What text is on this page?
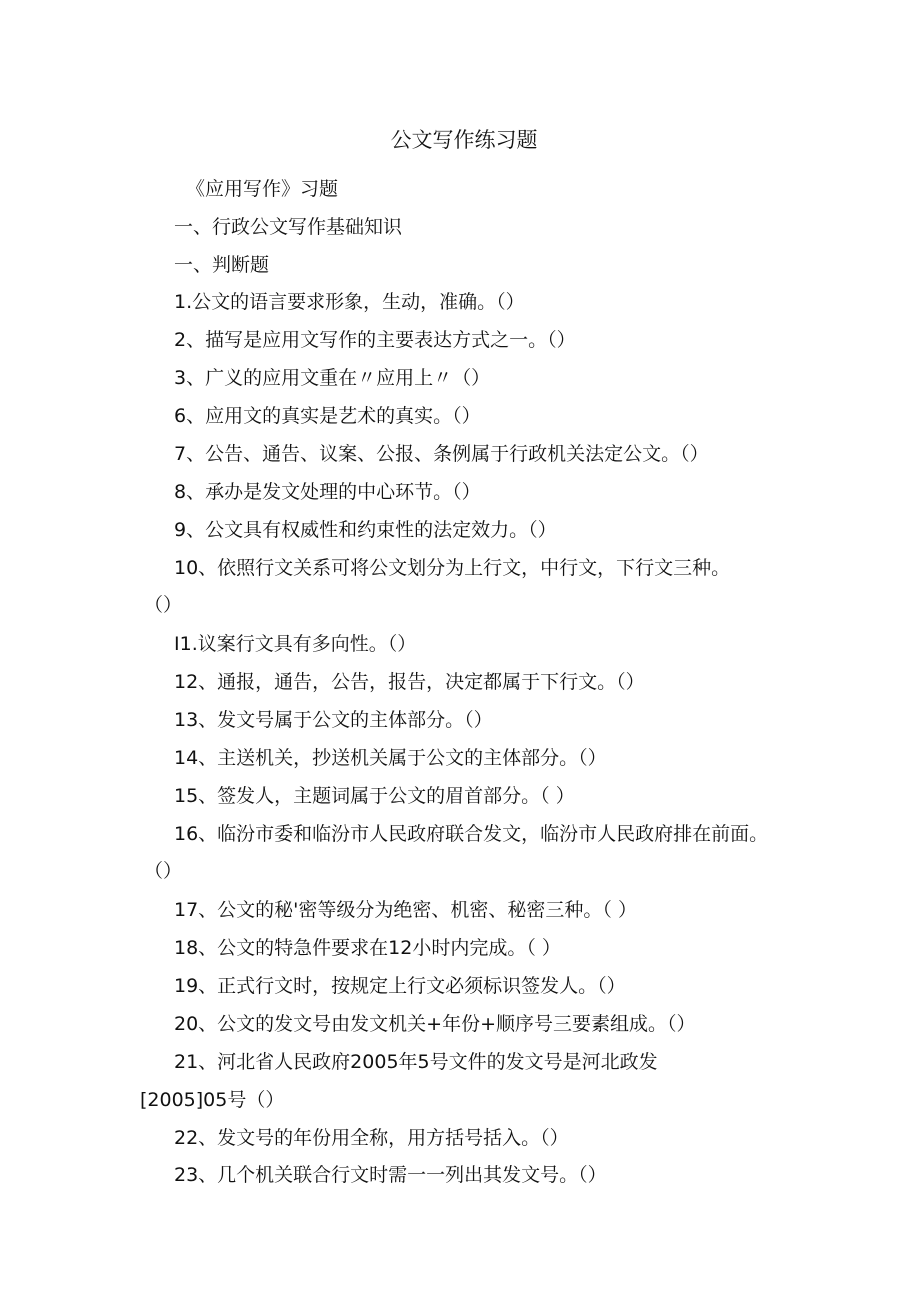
公文写作练习题
《应用写作》习题
一、行政公文写作基础知识
一、判断题
1.公文的语言要求形象，生动，准确。（）
2、描写是应用文写作的主要表达方式之一。（）
3、广义的应用文重在〃应用上〃（）
6、应用文的真实是艺术的真实。（）
7、公告、通告、议案、公报、条例属于行政机关法定公文。（）
8、承办是发文处理的中心环节。（）
9、公文具有权威性和约束性的法定效力。（）
10、依照行文关系可将公文划分为上行文，中行文，下行文三种。
（）
I1.议案行文具有多向性。（）
12、通报，通告，公告，报告，决定都属于下行文。（）
13、发文号属于公文的主体部分。（）
14、主送机关，抄送机关属于公文的主体部分。（）
15、签发人，主题词属于公文的眉首部分。（ ）
16、临汾市委和临汾市人民政府联合发文，临汾市人民政府排在前面。
（）
17、公文的秘'密等级分为绝密、机密、秘密三种。（ ）
18、公文的特急件要求在12小时内完成。（ ）
19、正式行文时，按规定上行文必须标识签发人。（）
20、公文的发文号由发文机关+年份+顺序号三要素组成。（）
21、河北省人民政府2005年5号文件的发文号是河北政发
[2005]05号（）
22、发文号的年份用全称，用方括号括入。（）
23、几个机关联合行文时需一一列出其发文号。（）
